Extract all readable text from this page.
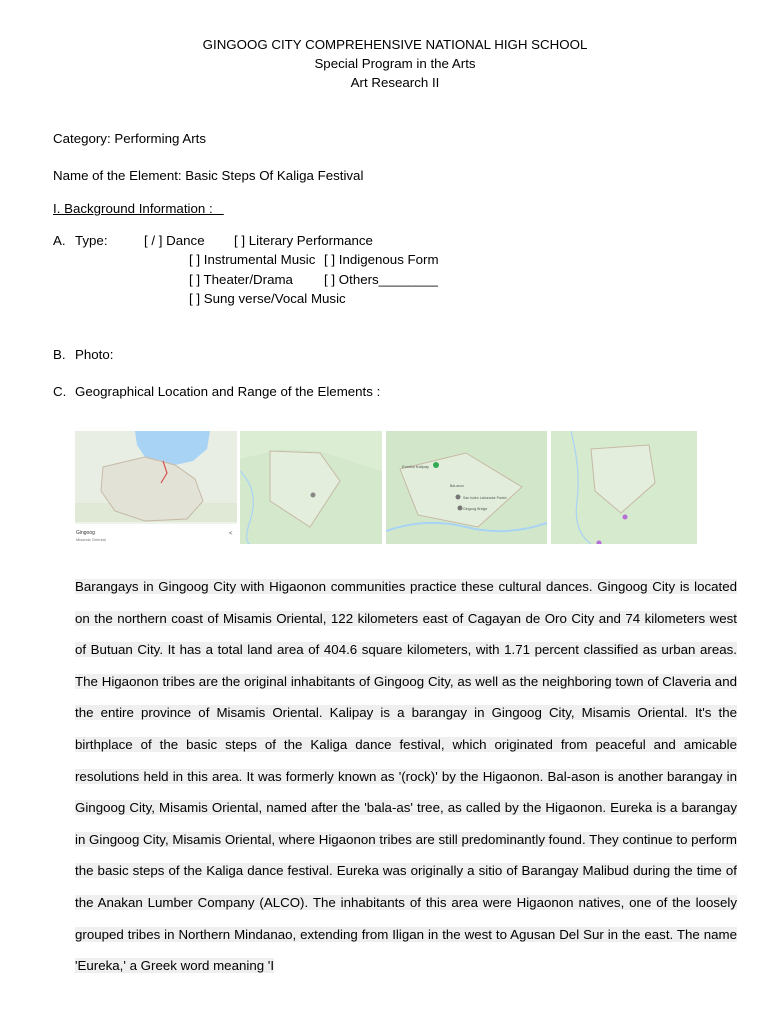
GINGOOG CITY COMPREHENSIVE NATIONAL HIGH SCHOOL
Special Program in the Arts
Art Research II
Category: Performing Arts
Name of the Element: Basic Steps Of Kaliga Festival
I. Background Information :
A. Type:	[ / ] Dance [ ] Literary Performance
[ ] Instrumental Music [ ] Indigenous Form
[ ] Theater/Drama [ ] Others________
[ ] Sung verse/Vocal Music
B. Photo:
C. Geographical Location and Range of the Elements :
Gingoog
Misamis Oriental
<
Eureka Kalipay
Bal-ason
San Isidro Laborador Parish
Gingoog Bridge
Barangays in Gingoog City with Higaonon communities practice these cultural dances. Gingoog City is located on the northern coast of Misamis Oriental, 122 kilometers east of Cagayan de Oro City and 74 kilometers west of Butuan City. It has a total land area of 404.6 square kilometers, with 1.71 percent classified as urban areas. The Higaonon tribes are the original inhabitants of Gingoog City, as well as the neighboring town of Claveria and the entire province of Misamis Oriental. Kalipay is a barangay in Gingoog City, Misamis Oriental. It's the birthplace of the basic steps of the Kaliga dance festival, which originated from peaceful and amicable resolutions held in this area. It was formerly known as '(rock)' by the Higaonon. Bal-ason is another barangay in Gingoog City, Misamis Oriental, named after the 'bala-as' tree, as called by the Higaonon. Eureka is a barangay in Gingoog City, Misamis Oriental, where Higaonon tribes are still predominantly found. They continue to perform the basic steps of the Kaliga dance festival. Eureka was originally a sitio of Barangay Malibud during the time of the Anakan Lumber Company (ALCO). The inhabitants of this area were Higaonon natives, one of the loosely grouped tribes in Northern Mindanao, extending from Iligan in the west to Agusan Del Sur in the east. The name 'Eureka,' a Greek word meaning 'I
